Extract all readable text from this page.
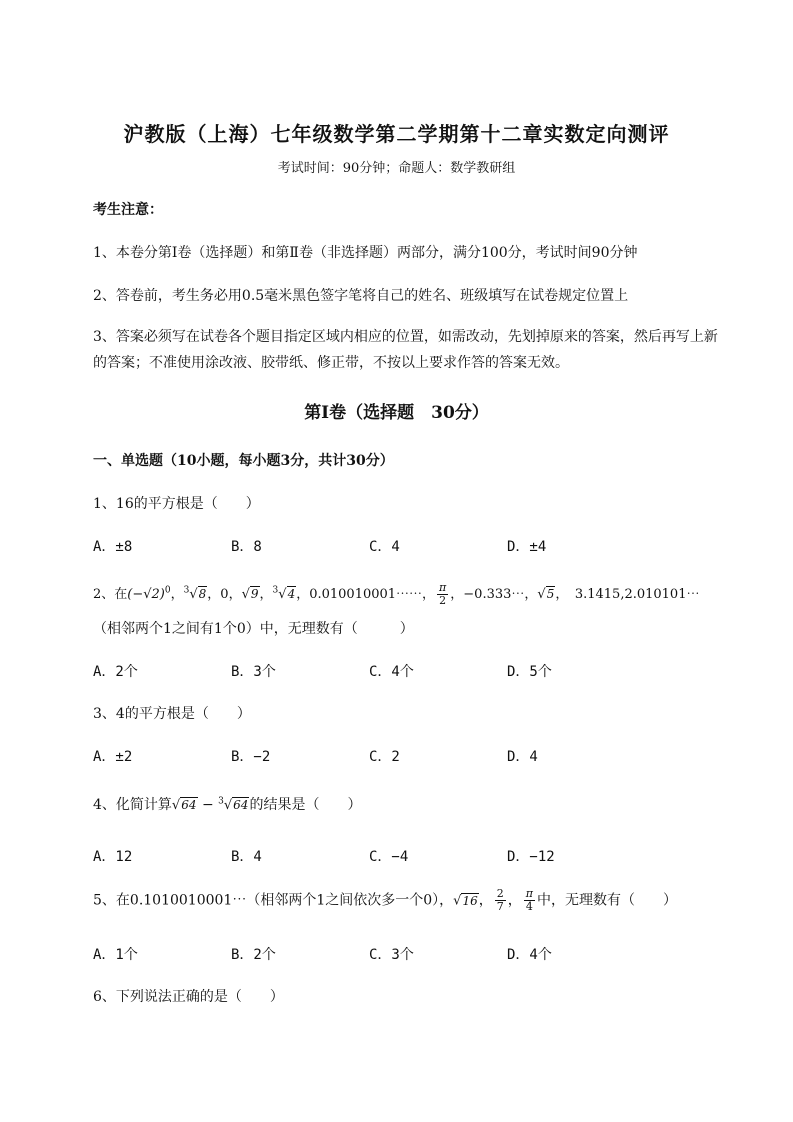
沪教版（上海）七年级数学第二学期第十二章实数定向测评
考试时间：90分钟；命题人：数学教研组
考生注意：
1、本卷分第Ⅰ卷（选择题）和第Ⅱ卷（非选择题）两部分，满分100分，考试时间90分钟
2、答卷前，考生务必用0.5毫米黑色签字笔将自己的姓名、班级填写在试卷规定位置上
3、答案必须写在试卷各个题目指定区域内相应的位置，如需改动，先划掉原来的答案，然后再写上新
的答案；不准使用涂改液、胶带纸、修正带，不按以上要求作答的答案无效。
第Ⅰ卷（选择题　30分）
一、单选题（10小题，每小题3分，共计30分）
1、16的平方根是（　　）
A．±8	B．8	C．4	D．±4
2、在$(-√2)^0$，$^3$√8，0，√9，$^3$√4，0.010010001⋯⋯， $\frac{\pi}{2}$ ，−0.333⋯，√5，　3.1415,2.010101⋯
（相邻两个1之间有1个0）中，无理数有（　　　）
A．2个	B．3个	C．4个	D．5个
3、4的平方根是（　　）
A．±2	B．−2	C．2	D．4
4、化简计算√64 − $^3$√64的结果是（　　）
A．12	B．4	C．−4	D．−12
5、在0.1010010001⋯（相邻两个1之间依次多一个0），√16， $\frac{2}{7}$ ， $\frac{\pi}{4}$ 中，无理数有（　　）
A．1个	B．2个	C．3个	D．4个
6、下列说法正确的是（　　）
